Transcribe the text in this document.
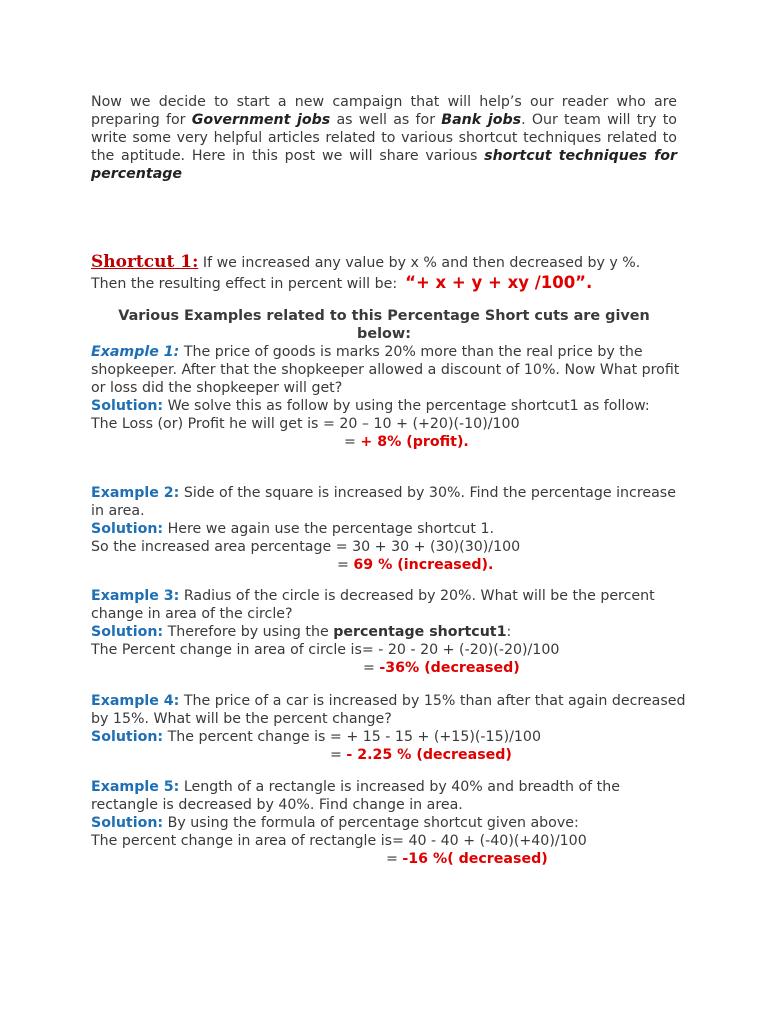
Now we decide to start a new campaign that will help’s our reader who are preparing for Government jobs as well as for Bank jobs. Our team will try to write some very helpful articles related to various shortcut techniques related to the aptitude. Here in this post we will share various shortcut techniques for percentage
Shortcut 1: If we increased any value by x % and then decreased by y %.
Then the resulting effect in percent will be: “+ x + y + xy /100”.
Various Examples related to this Percentage Short cuts are given below:
Example 1: The price of goods is marks 20% more than the real price by the shopkeeper. After that the shopkeeper allowed a discount of 10%. Now What profit or loss did the shopkeeper will get?
Solution: We solve this as follow by using the percentage shortcut1 as follow:
The Loss (or) Profit he will get is = 20 – 10 + (+20)(-10)/100
= + 8% (profit).
Example 2: Side of the square is increased by 30%. Find the percentage increase in area.
Solution: Here we again use the percentage shortcut 1.
So the increased area percentage = 30 + 30 + (30)(30)/100
= 69 % (increased).
Example 3: Radius of the circle is decreased by 20%. What will be the percent change in area of the circle?
Solution: Therefore by using the percentage shortcut1:
The Percent change in area of circle is= - 20 - 20 + (-20)(-20)/100
= -36% (decreased)
Example 4: The price of a car is increased by 15% than after that again decreased by 15%. What will be the percent change?
Solution: The percent change is = + 15 - 15 + (+15)(-15)/100
= - 2.25 % (decreased)
Example 5: Length of a rectangle is increased by 40% and breadth of the rectangle is decreased by 40%. Find change in area.
Solution: By using the formula of percentage shortcut given above:
The percent change in area of rectangle is= 40 - 40 + (-40)(+40)/100
= -16 %( decreased)
